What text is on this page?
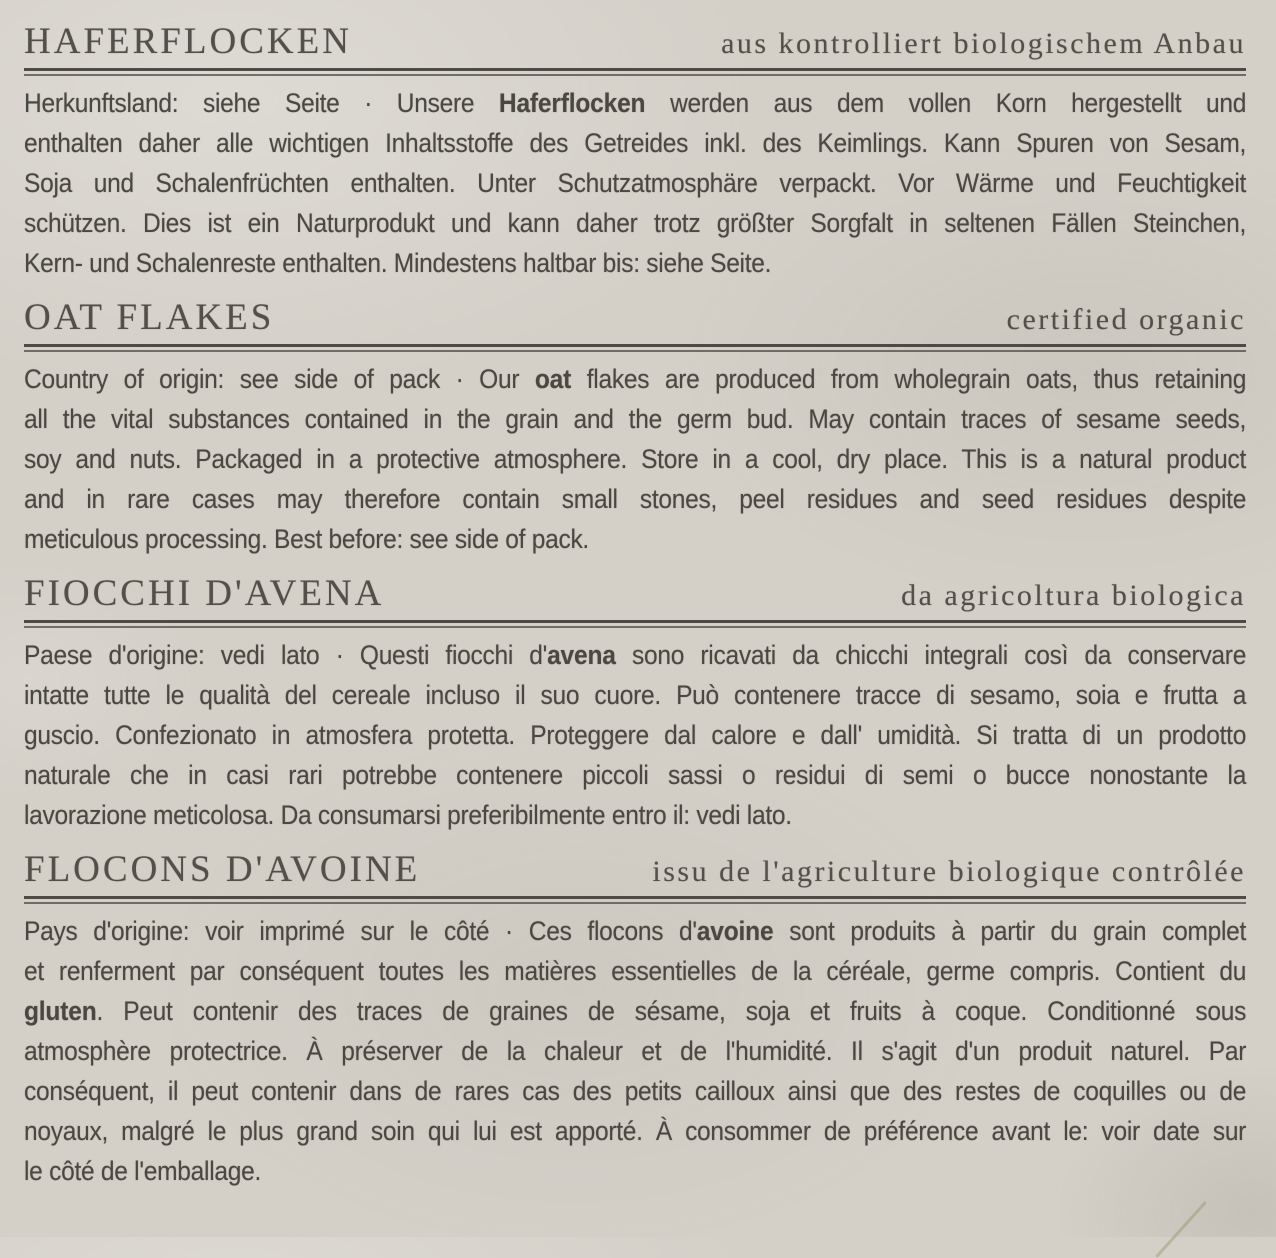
HAFERFLOCKEN	aus kontrolliert biologischem Anbau
Herkunftsland: siehe Seite · Unsere Haferflocken werden aus dem vollen Korn hergestellt und
enthalten daher alle wichtigen Inhaltsstoffe des Getreides inkl. des Keimlings. Kann Spuren von Sesam,
Soja und Schalenfrüchten enthalten. Unter Schutzatmosphäre verpackt. Vor Wärme und Feuchtigkeit
schützen. Dies ist ein Naturprodukt und kann daher trotz größter Sorgfalt in seltenen Fällen Steinchen,
Kern- und Schalenreste enthalten. Mindestens haltbar bis: siehe Seite.
OAT FLAKES	certified organic
Country of origin: see side of pack · Our oat flakes are produced from wholegrain oats, thus retaining
all the vital substances contained in the grain and the germ bud. May contain traces of sesame seeds,
soy and nuts. Packaged in a protective atmosphere. Store in a cool, dry place. This is a natural product
and in rare cases may therefore contain small stones, peel residues and seed residues despite
meticulous processing. Best before: see side of pack.
FIOCCHI D'AVENA	da agricoltura biologica
Paese d'origine: vedi lato · Questi fiocchi d'avena sono ricavati da chicchi integrali così da conservare
intatte tutte le qualità del cereale incluso il suo cuore. Può contenere tracce di sesamo, soia e frutta a
guscio. Confezionato in atmosfera protetta. Proteggere dal calore e dall' umidità. Si tratta di un prodotto
naturale che in casi rari potrebbe contenere piccoli sassi o residui di semi o bucce nonostante la
lavorazione meticolosa. Da consumarsi preferibilmente entro il: vedi lato.
FLOCONS D'AVOINE	issu de l'agriculture biologique contrôlée
Pays d'origine: voir imprimé sur le côté · Ces flocons d'avoine sont produits à partir du grain complet
et renferment par conséquent toutes les matières essentielles de la céréale, germe compris. Contient du
gluten. Peut contenir des traces de graines de sésame, soja et fruits à coque. Conditionné sous
atmosphère protectrice. À préserver de la chaleur et de l'humidité. Il s'agit d'un produit naturel. Par
conséquent, il peut contenir dans de rares cas des petits cailloux ainsi que des restes de coquilles ou de
noyaux, malgré le plus grand soin qui lui est apporté. À consommer de préférence avant le: voir date sur
le côté de l'emballage.
